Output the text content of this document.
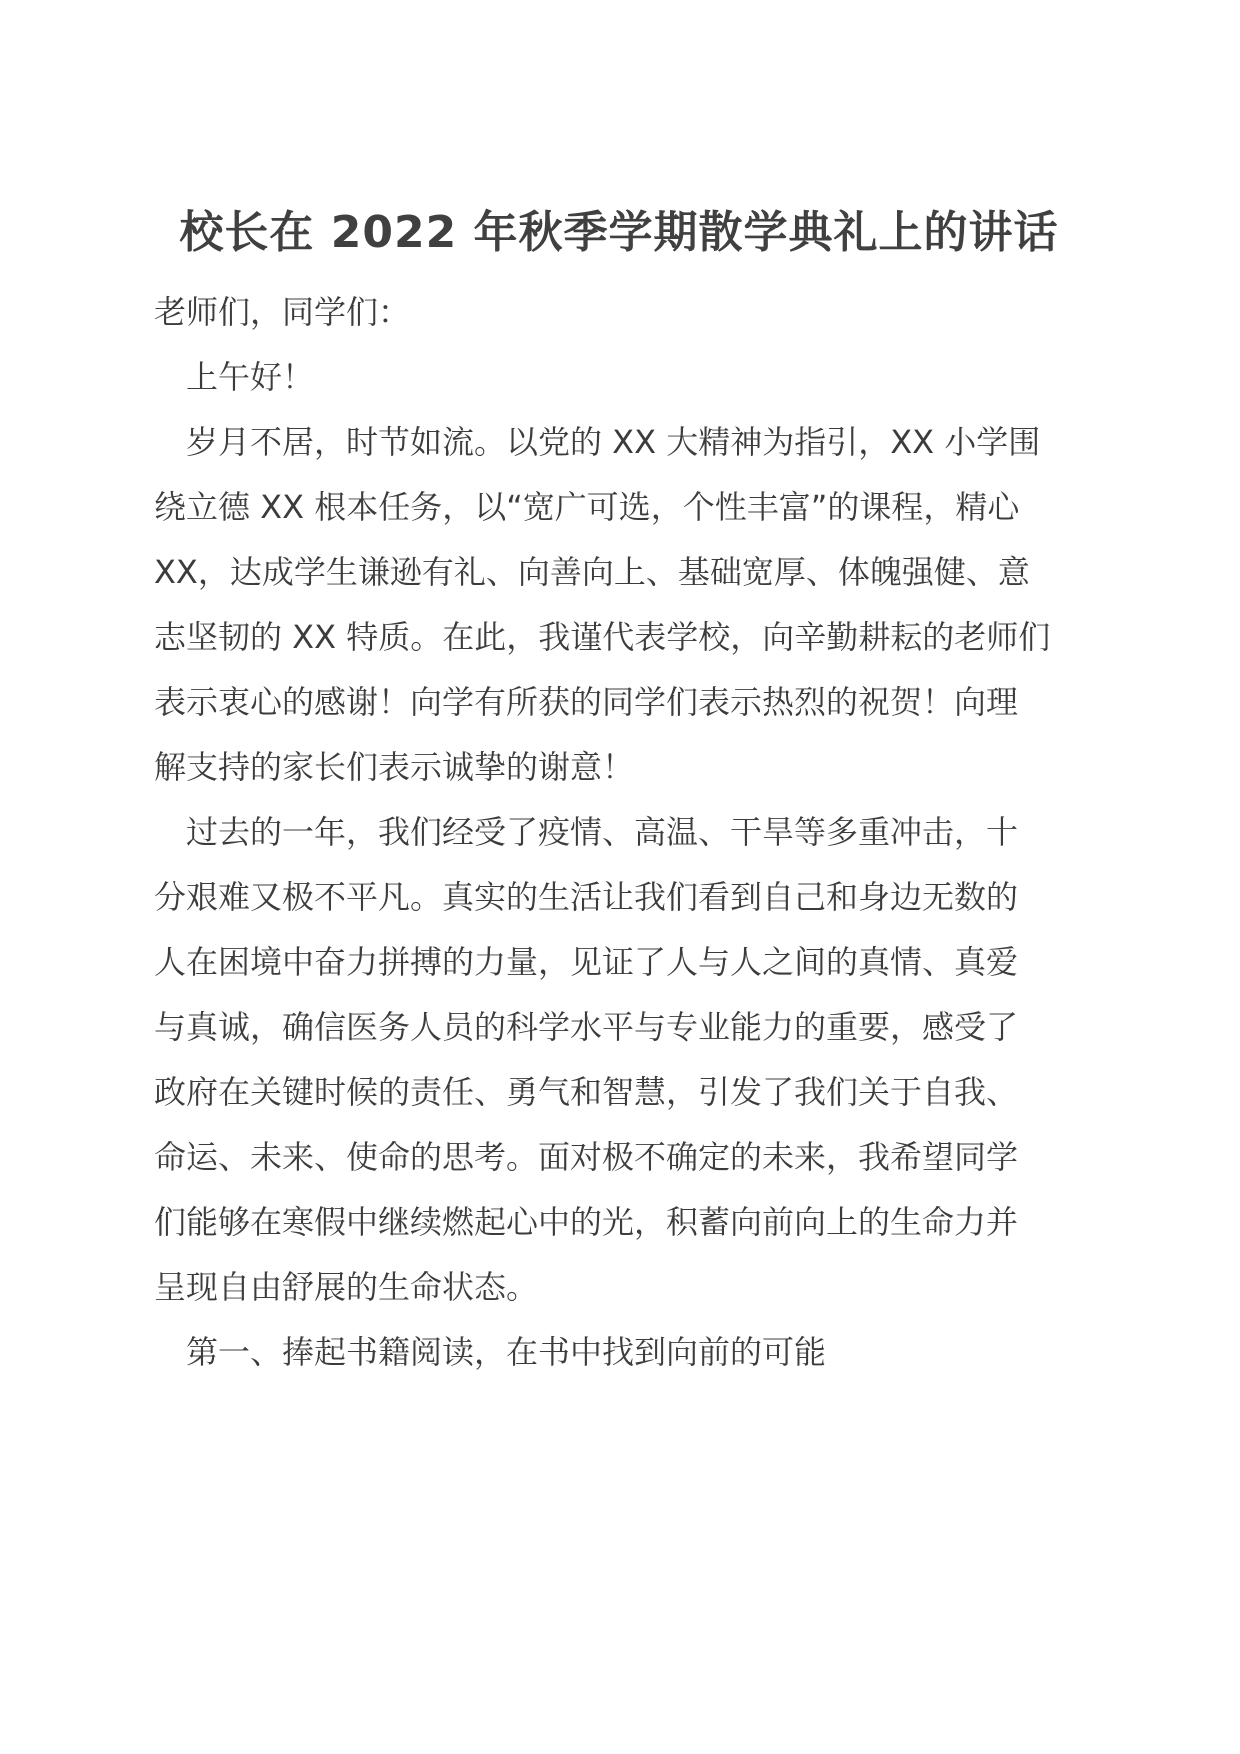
校长在 2022 年秋季学期散学典礼上的讲话

老师们，同学们：

上午好！

岁月不居，时节如流。以党的 XX 大精神为指引，XX 小学围
绕立德 XX 根本任务，以“宽广可选，个性丰富”的课程，精心
XX，达成学生谦逊有礼、向善向上、基础宽厚、体魄强健、意
志坚韧的 XX 特质。在此，我谨代表学校，向辛勤耕耘的老师们
表示衷心的感谢！向学有所获的同学们表示热烈的祝贺！向理
解支持的家长们表示诚挚的谢意！

过去的一年，我们经受了疫情、高温、干旱等多重冲击，十
分艰难又极不平凡。真实的生活让我们看到自己和身边无数的
人在困境中奋力拼搏的力量，见证了人与人之间的真情、真爱
与真诚，确信医务人员的科学水平与专业能力的重要，感受了
政府在关键时候的责任、勇气和智慧，引发了我们关于自我、
命运、未来、使命的思考。面对极不确定的未来，我希望同学
们能够在寒假中继续燃起心中的光，积蓄向前向上的生命力并
呈现自由舒展的生命状态。

第一、捧起书籍阅读，在书中找到向前的可能
